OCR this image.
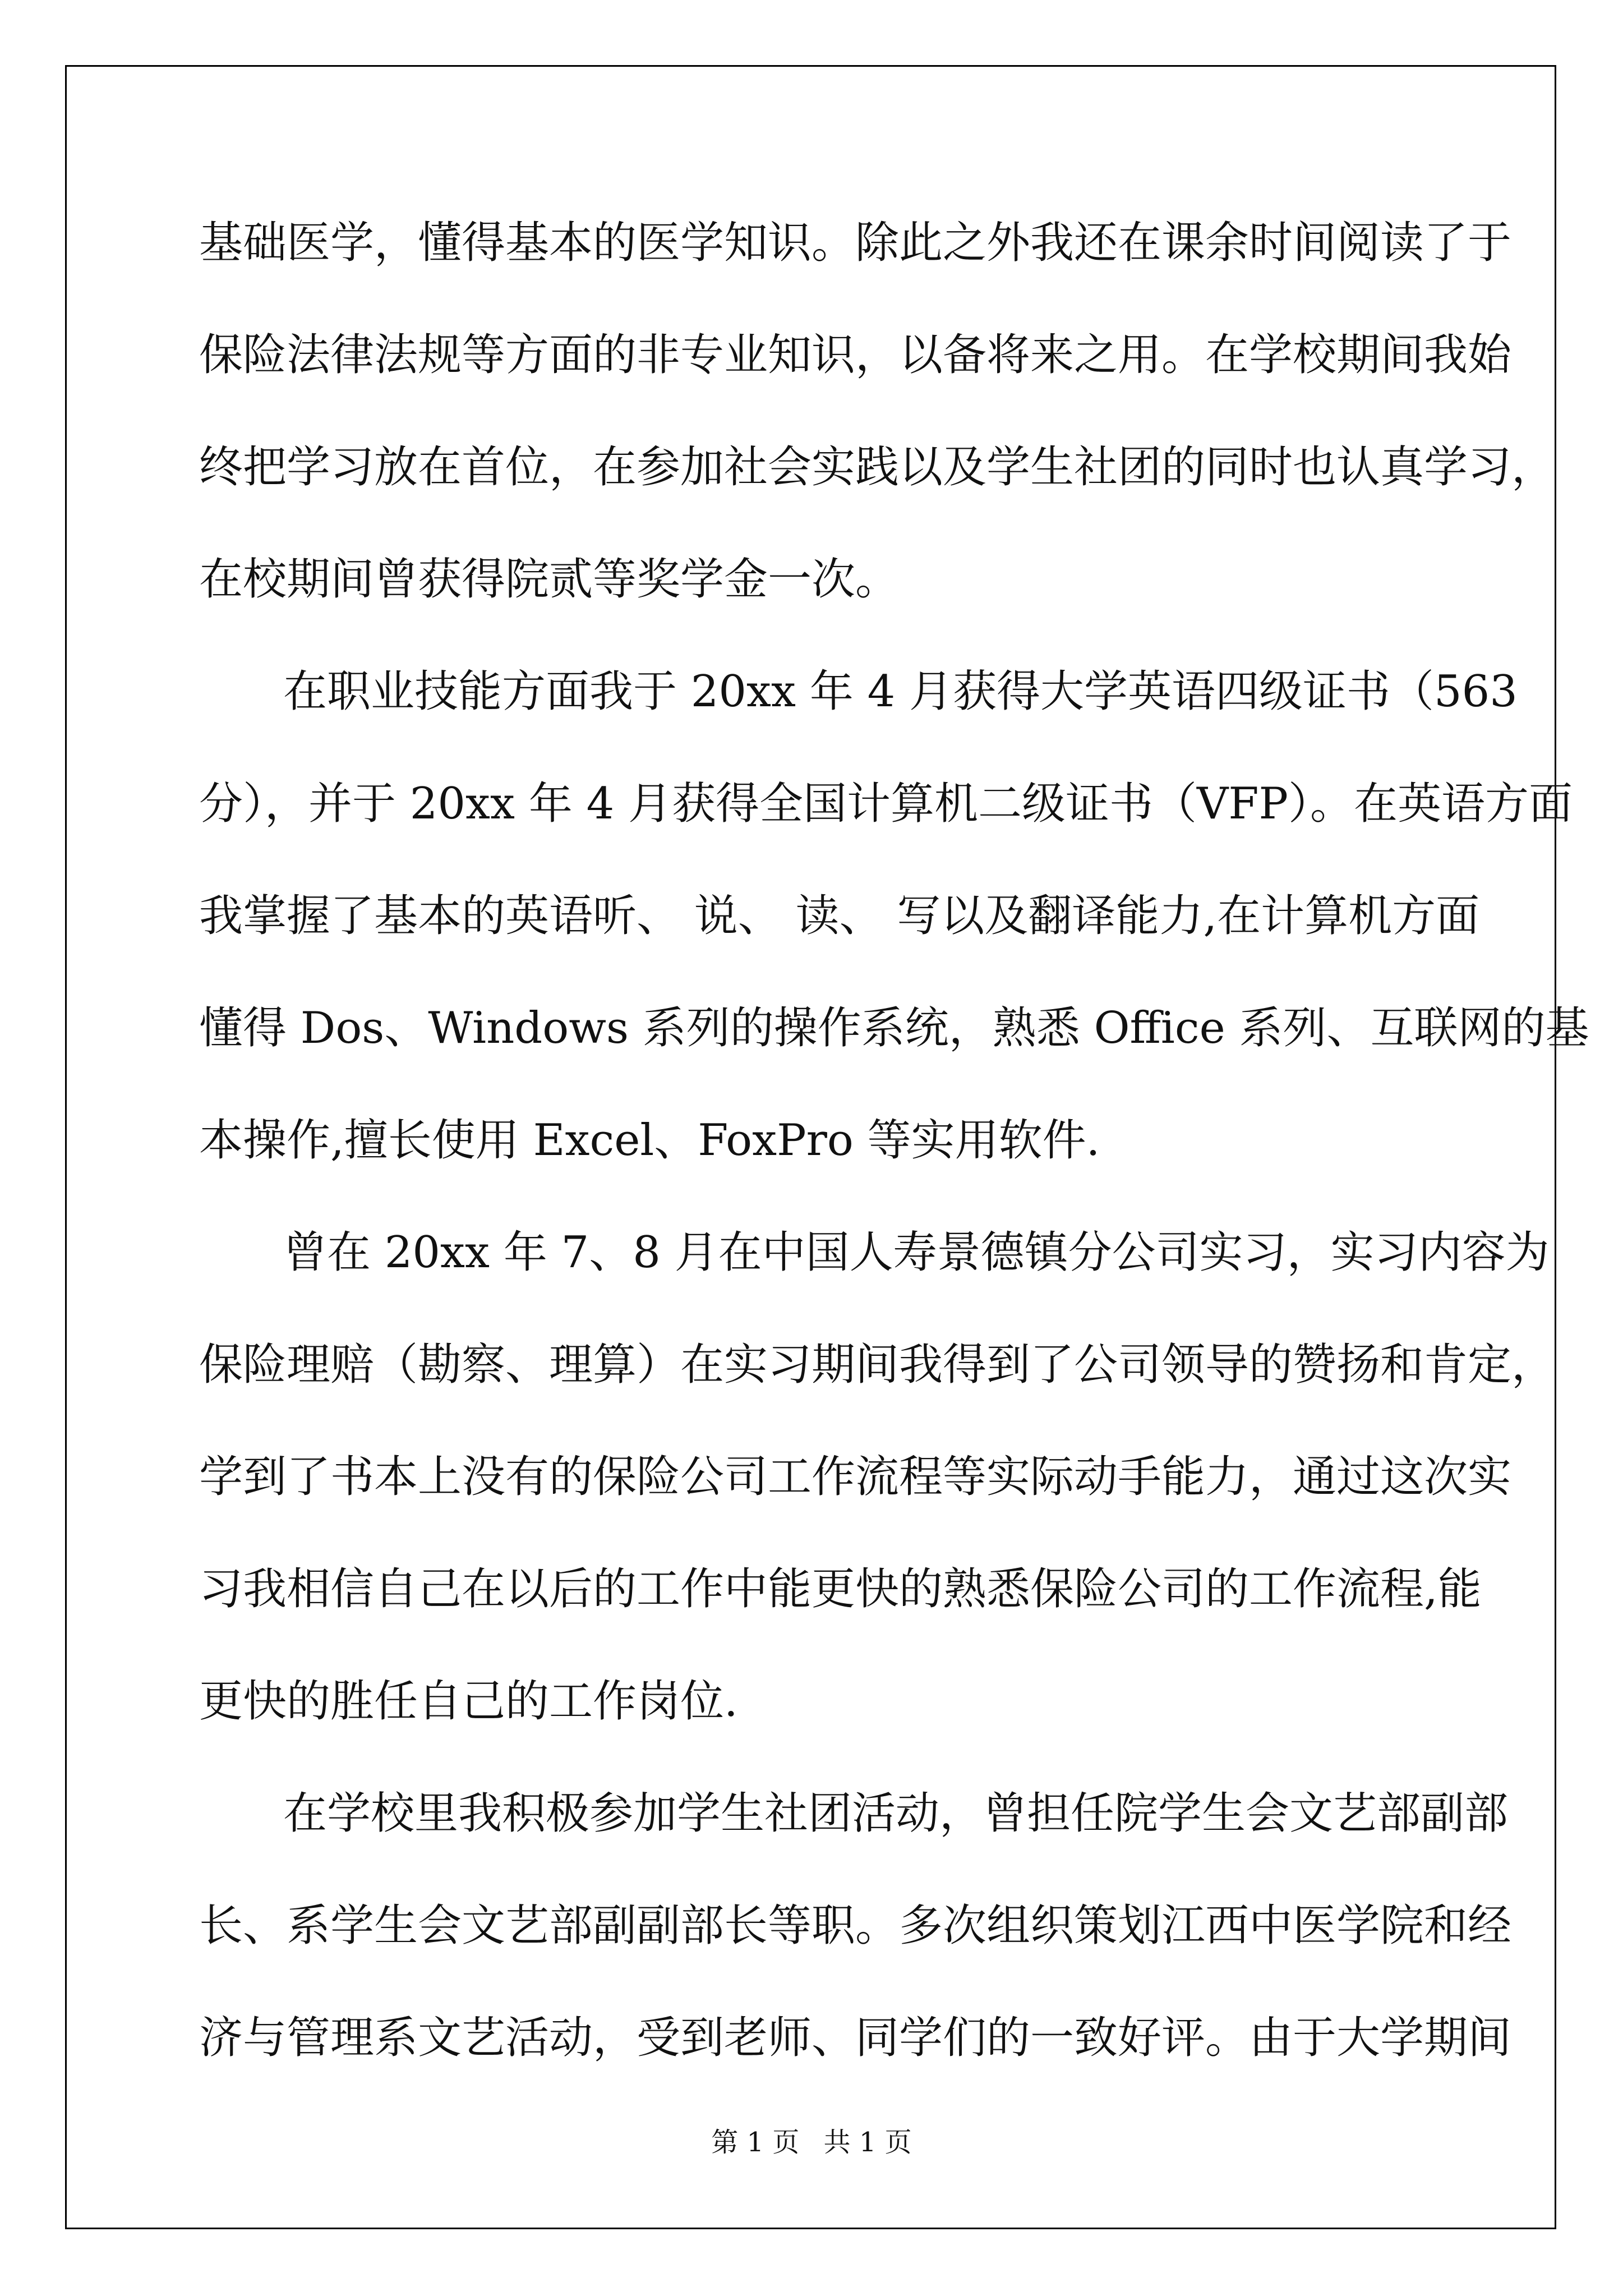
基础医学，懂得基本的医学知识。除此之外我还在课余时间阅读了于
保险法律法规等方面的非专业知识，以备将来之用。在学校期间我始
终把学习放在首位，在参加社会实践以及学生社团的同时也认真学习，
在校期间曾获得院贰等奖学金一次。
在职业技能方面我于 20xx 年 4 月获得大学英语四级证书（563
分），并于 20xx 年 4 月获得全国计算机二级证书（VFP）。在英语方面
我掌握了基本的英语听、 说、 读、 写以及翻译能力,在计算机方面
懂得 Dos、Windows 系列的操作系统，熟悉 Office 系列、互联网的基
本操作,擅长使用 Excel、FoxPro 等实用软件.
曾在 20xx 年 7、8 月在中国人寿景德镇分公司实习，实习内容为
保险理赔（勘察、理算）在实习期间我得到了公司领导的赞扬和肯定，
学到了书本上没有的保险公司工作流程等实际动手能力，通过这次实
习我相信自己在以后的工作中能更快的熟悉保险公司的工作流程,能
更快的胜任自己的工作岗位.
在学校里我积极参加学生社团活动，曾担任院学生会文艺部副部
长、系学生会文艺部副副部长等职。多次组织策划江西中医学院和经
济与管理系文艺活动，受到老师、同学们的一致好评。由于大学期间
第 1 页 共 1 页
